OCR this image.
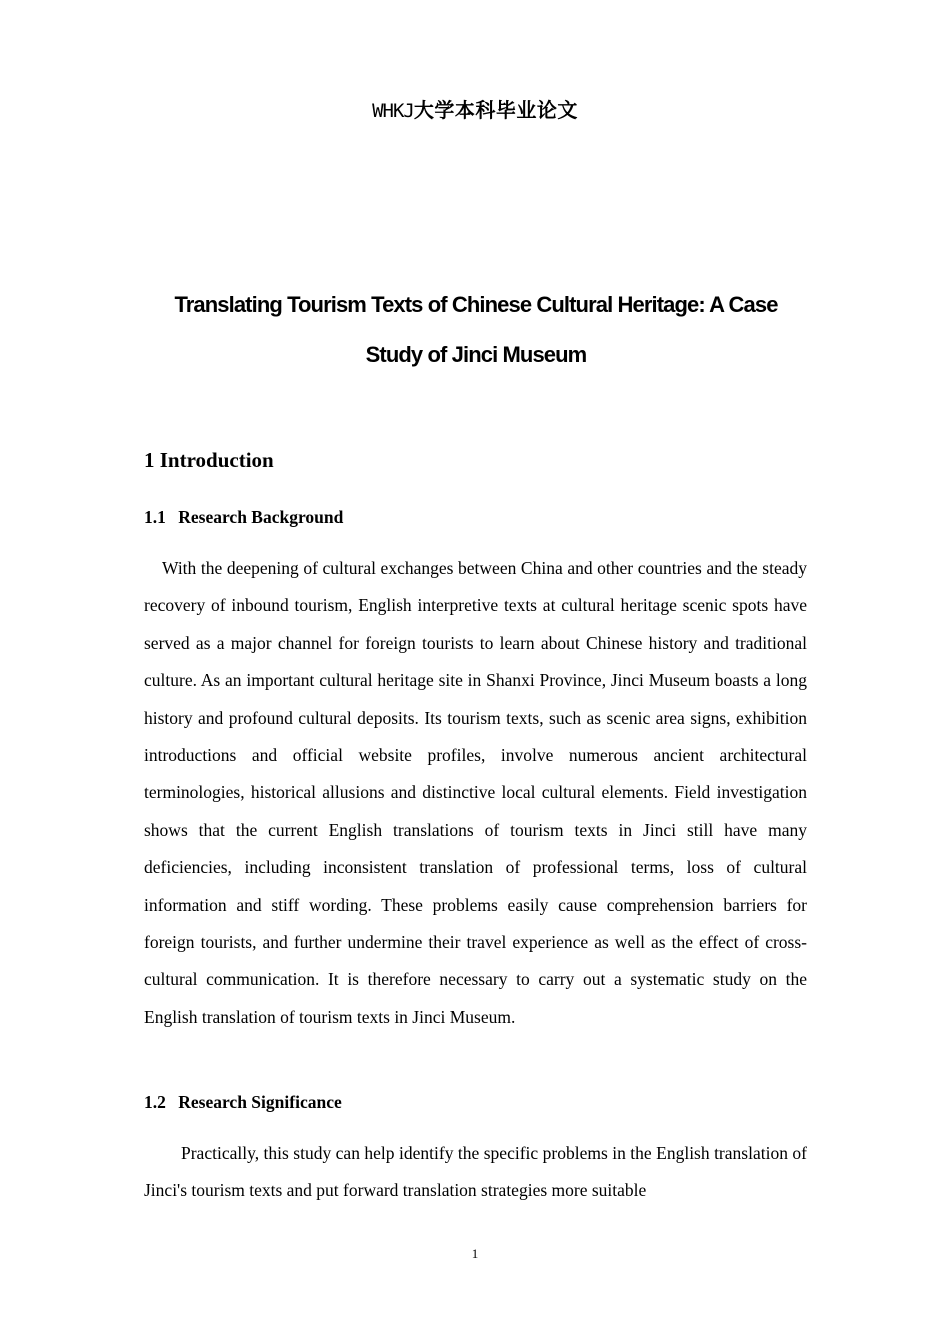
WHKJ大学本科毕业论文
Translating Tourism Texts of Chinese Cultural Heritage: A Case Study of Jinci Museum
1 Introduction
1.1 Research Background
With the deepening of cultural exchanges between China and other countries and the steady recovery of inbound tourism, English interpretive texts at cultural heritage scenic spots have served as a major channel for foreign tourists to learn about Chinese history and traditional culture. As an important cultural heritage site in Shanxi Province, Jinci Museum boasts a long history and profound cultural deposits. Its tourism texts, such as scenic area signs, exhibition introductions and official website profiles, involve numerous ancient architectural terminologies, historical allusions and distinctive local cultural elements. Field investigation shows that the current English translations of tourism texts in Jinci still have many deficiencies, including inconsistent translation of professional terms, loss of cultural information and stiff wording. These problems easily cause comprehension barriers for foreign tourists, and further undermine their travel experience as well as the effect of cross-cultural communication. It is therefore necessary to carry out a systematic study on the English translation of tourism texts in Jinci Museum.
1.2 Research Significance
Practically, this study can help identify the specific problems in the English translation of Jinci's tourism texts and put forward translation strategies more suitable
1
